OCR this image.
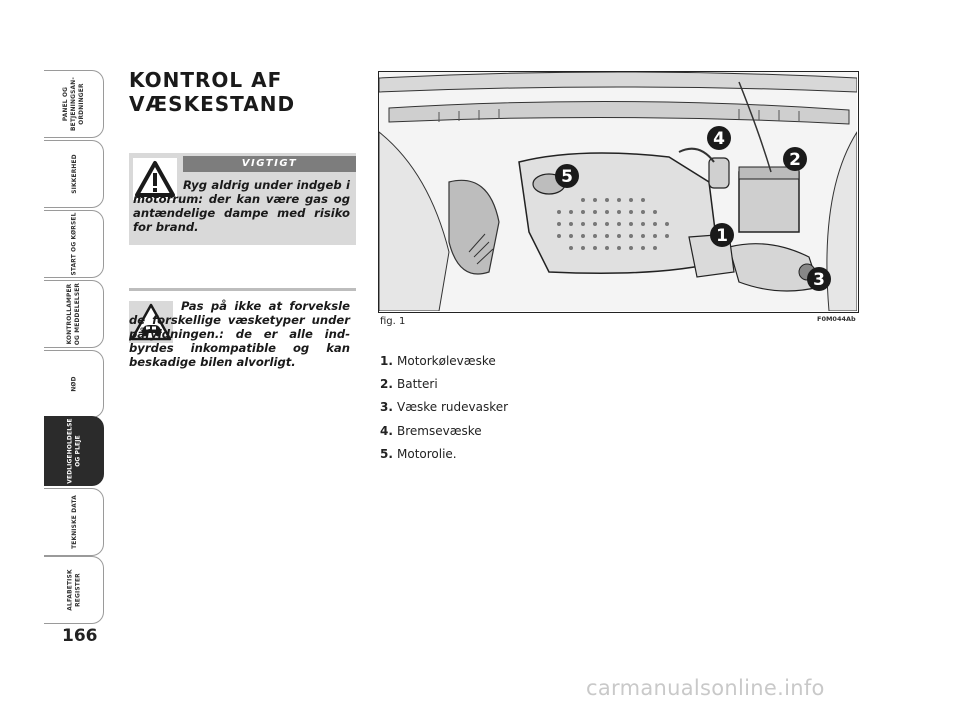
PANEL OG
BETJENINGSAN-
ORDNINGER
SIKKERHED
START OG KØRSEL
KONTROLLAMPER
OG MEDDELELSER
NØD
VEDLIGEHOLDELSE
OG PLEJE
TEKNISKE DATA
ALFABETISK
REGISTER
166
KONTROL AF
VÆSKESTAND
VIGTIGT
Ryg aldrig under indgeb i motorrum: der kan være gas og antændelige dampe med risiko for brand.
Pas på ikke at forveksle de forskellige væsketyper under påfyldningen.: de er alle ind-byrdes inkompatible og kan beskadige bilen alvorligt.
1
2
3
4
5
fig. 1	F0M044Ab
1. Motorkølevæske
2. Batteri
3. Væske rudevasker
4. Bremsevæske
5. Motorolie.
carmanualsonline.info
